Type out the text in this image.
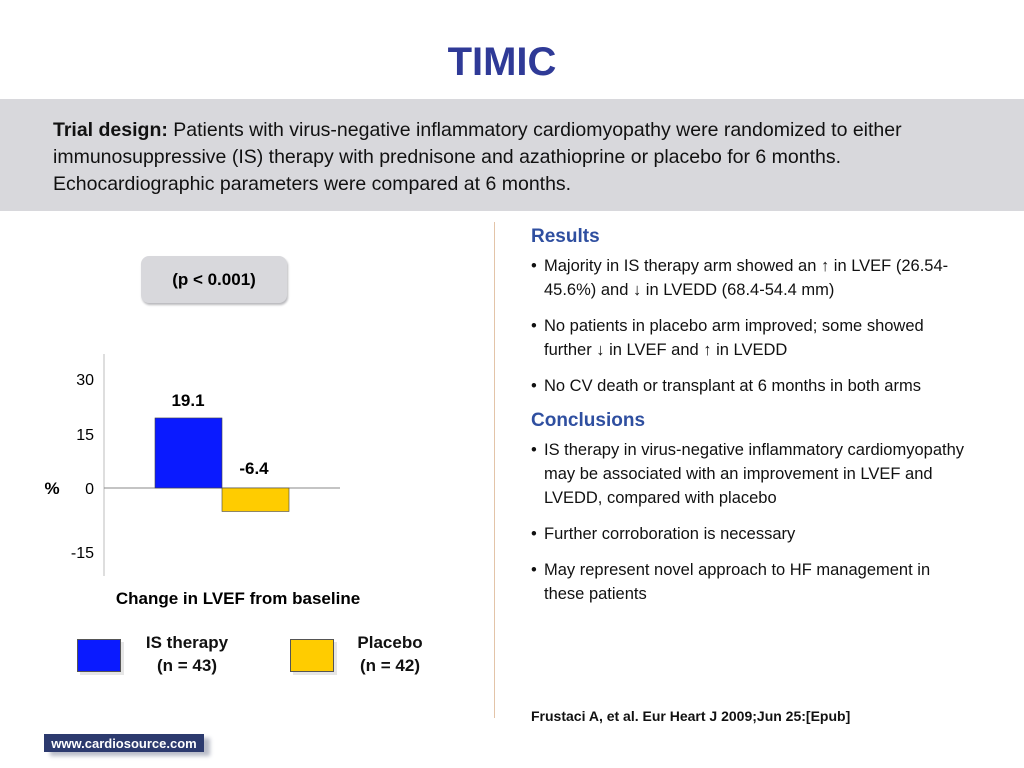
TIMIC
Trial design: Patients with virus-negative inflammatory cardiomyopathy were randomized to either immunosuppressive (IS) therapy with prednisone and azathioprine or placebo for 6 months. Echocardiographic parameters were compared at 6 months.
(p < 0.001)
30
15
0
-15
%
19.1
-6.4
Change in LVEF from baseline
IS therapy
(n = 43)
Placebo
(n = 42)
Results
• Majority in IS therapy arm showed an ↑ in LVEF (26.54-45.6%) and ↓ in LVEDD (68.4-54.4 mm)
• No patients in placebo arm improved; some showed further ↓ in LVEF and ↑ in LVEDD
• No CV death or transplant at 6 months in both arms
Conclusions
• IS therapy in virus-negative inflammatory cardiomyopathy may be associated with an improvement in LVEF and LVEDD, compared with placebo
• Further corroboration is necessary
• May represent novel approach to HF management in these patients
Frustaci A, et al. Eur Heart J 2009;Jun 25:[Epub]
www.cardiosource.com
